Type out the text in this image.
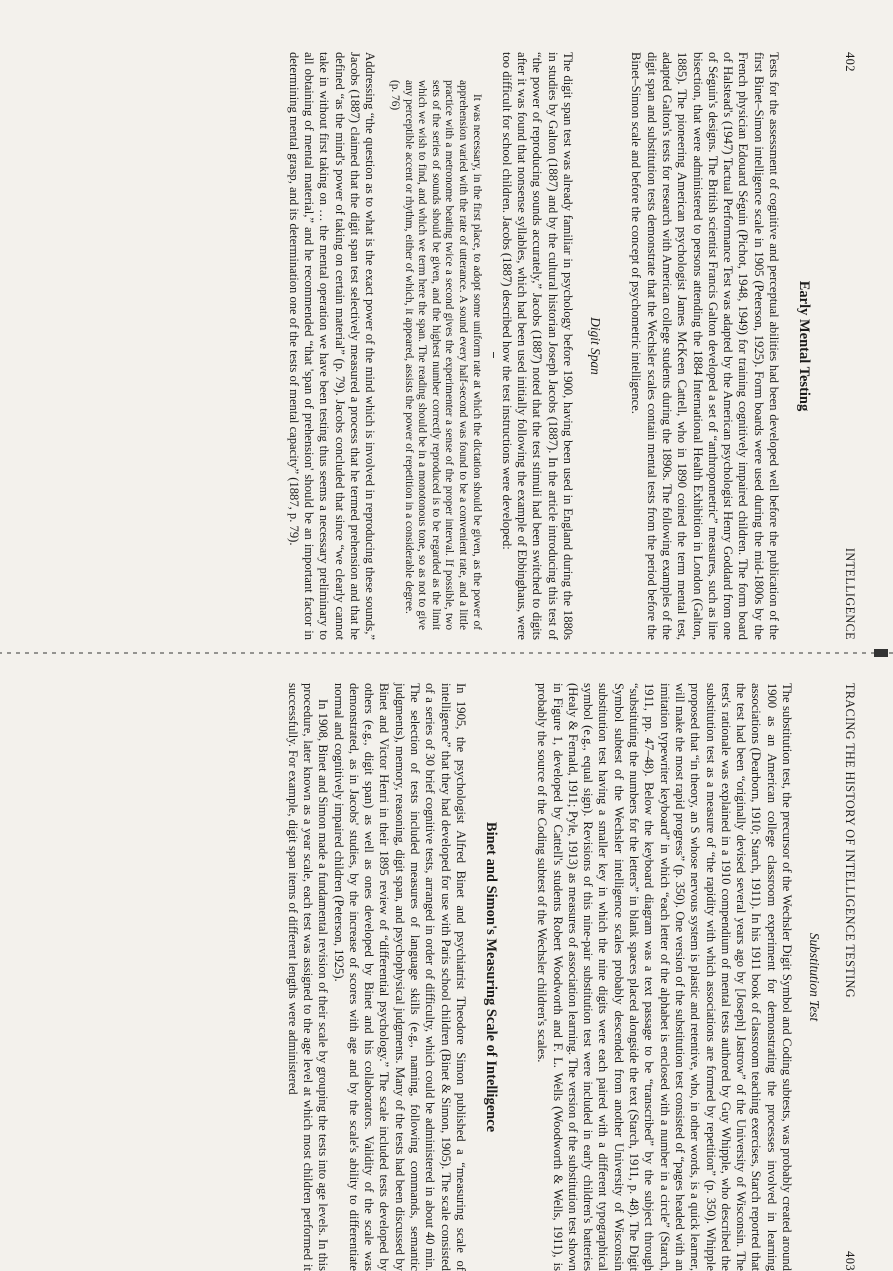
402
INTELLIGENCE
Early Mental Testing

Tests for the assessment of cognitive and perceptual abilities had been developed well before the publication of the first Binet–Simon intelligence scale in 1905 (Peterson, 1925). Form boards were used during the mid-1800s by the French physician Edouard Séguin (Pichot, 1948, 1949) for training cognitively impaired children. The form board of Halstead's (1947) Tactual Performance Test was adapted by the American psychologist Henry Goddard from one of Séguin's designs. The British scientist Francis Galton developed a set of “anthropometric” measures, such as line bisection, that were administered to persons attending the 1884 International Health Exhibition in London (Galton, 1885). The pioneering American psychologist James McKeen Cattell, who in 1890 coined the term mental test, adapted Galton's tests for research with American college students during the 1890s. The following examples of the digit span and substitution tests demonstrate that the Wechsler scales contain mental tests from the period before the Binet–Simon scale and before the concept of psychometric intelligence.

Digit Span

The digit span test was already familiar in psychology before 1900, having been used in England during the 1880s in studies by Galton (1887) and by the cultural historian Joseph Jacobs (1887). In the article introducing this test of “the power of reproducing sounds accurately,” Jacobs (1887) noted that the test stimuli had been switched to digits after it was found that nonsense syllables, which had been used initially following the example of Ebbinghaus, were too difficult for school children. Jacobs (1887) described how the test instructions were developed:

It was necessary, in the first place, to adopt some uniform rate at which the dictation should be given, as the power of apprehension varied with the rate of utterance. A sound every half-second was found to be a convenient rate, and a little practice with a metronome beating twice a second gives the experimenter a sense of the proper interval. If possible, two sets of the series of sounds should be given, and the highest number correctly reproduced is to be regarded as the limit which we wish to find, and which we term here the span. The reading should be in a monotonous tone, so as not to give any perceptible accent or rhythm, either of which, it appeared, assists the power of repetition in a considerable degree.

(p. 76)

Addressing “the question as to what is the exact power of the mind which is involved in reproducing these sounds,” Jacobs (1887) claimed that the digit span test selectively measured a process that he termed prehension and that he defined “as the mind's power of taking on certain material” (p. 79). Jacobs concluded that since “we clearly cannot take in without first taking on … the mental operation we have been testing thus seems a necessary preliminary to all obtaining of mental material,” and he recommended “that 'span of prehension' should be an important factor in determining mental grasp, and its determination one of the tests of mental capacity” (1887, p. 79).

TRACING THE HISTORY OF INTELLIGENCE TESTING
403
Substitution Test

The substitution test, the precursor of the Wechsler Digit Symbol and Coding subtests, was probably created around 1900 as an American college classroom experiment for demonstrating the processes involved in learning associations (Dearborn, 1910; Starch, 1911). In his 1911 book of classroom teaching exercises, Starch reported that the test had been “originally devised several years ago by [Joseph] Jastrow” of the University of Wisconsin. The test's rationale was explained in a 1910 compendium of mental tests authored by Guy Whipple, who described the substitution test as a measure of “the rapidity with which associations are formed by repetition” (p. 350). Whipple proposed that “in theory, an S whose nervous system is plastic and retentive, who, in other words, is a quick learner, will make the most rapid progress” (p. 350). One version of the substitution test consisted of “pages headed with an imitation typewriter keyboard” in which “each letter of the alphabet is enclosed with a number in a circle” (Starch, 1911, pp. 47–48). Below the keyboard diagram was a text passage to be “transcribed” by the subject through “substituting the numbers for the letters” in blank spaces placed alongside the text (Starch, 1911, p. 48). The Digit Symbol subtest of the Wechsler intelligence scales probably descended from another University of Wisconsin substitution test having a smaller key in which the nine digits were each paired with a different typographical symbol (e.g., equal sign). Revisions of this nine-pair substitution test were included in early children's batteries (Healy & Fernald, 1911; Pyle, 1913) as measures of association learning. The version of the substitution test shown in Figure 1, developed by Cattell's students Robert Woodworth and F. L. Wells (Woodworth & Wells, 1911), is probably the source of the Coding subtest of the Wechsler children's scales.

Binet and Simon's Measuring Scale of Intelligence

In 1905, the psychologist Alfred Binet and psychiatrist Theodore Simon published a “measuring scale of intelligence” that they had developed for use with Paris school children (Binet & Simon, 1905). The scale consisted of a series of 30 brief cognitive tests, arranged in order of difficulty, which could be administered in about 40 min. The selection of tests included measures of language skills (e.g., naming, following commands, semantic judgments), memory, reasoning, digit span, and psychophysical judgments. Many of the tests had been discussed by Binet and Victor Henri in their 1895 review of “differential psychology.” The scale included tests developed by others (e.g., digit span) as well as ones developed by Binet and his collaborators. Validity of the scale was demonstrated, as in Jacobs' studies, by the increase of scores with age and by the scale's ability to differentiate normal and cognitively impaired children (Peterson, 1925).

In 1908, Binet and Simon made a fundamental revision of their scale by grouping the tests into age levels. In this procedure, later known as a year scale, each test was assigned to the age level at which most children performed it successfully. For example, digit span items of different lengths were administered
